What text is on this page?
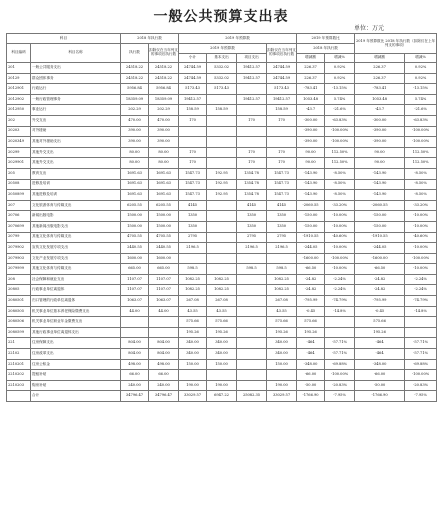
一般公共预算支出表
单位：万元
科目		2018 年执行数		2019 年预算数				2019 年预算数比		2019 年预算数比 2018 年执行数（扣除仅在上年列支的事项）	
科目编码	科目名称	执行数	扣除仅在当年列支的事项后执行数	2019 年预算数			扣除仅在当年列支的事项后执行数	2018 年执行数			
				小计	基本支出	项目支出		增减额	增减%	增减额	增减%
201	一般公共服务支出	24518.22	24518.22	24744.59	5332.02	19412.57	24744.59	226.37	0.92%	226.37	0.92%
20129	群众团体事务	24518.22	24518.22	24744.59	5332.02	19412.57	24744.59	226.37	0.92%	226.37	0.92%
2012901	行政运行	5956.84	5956.84	5173.43	5173.43		5173.43	-783.41	-13.15%	-783.41	-13.15%
2012902	一般行政管理事务	18359.09	18359.09	19412.57		19412.57	19412.57	1053.48	5.74%	1053.48	5.74%
2012950	事业运行	202.29	202.29	158.59	158.59		158.59	-43.7	-21.6%	-43.7	-21.6%
202	外交支出	470.00	470.00	170		170	170	-300.00	-63.83%	-300.00	-63.83%
20203	对外援助	390.00	390.00					-390.00	-100.00%	-390.00	-100.00%
2020349	其他对外援助支出	390.00	390.00					-390.00	-100.00%	-390.00	-100.00%
20299	其他外交支出	80.00	80.00	170		170	170	90.00	112.50%	90.00	112.50%
2029901	其他外交支出	80.00	80.00	170		170	170	90.00	112.50%	90.00	112.50%
205	教育支出	1691.63	1691.63	1547.73	192.95	1354.78	1547.73	-143.90	-8.50%	-143.90	-8.50%
20508	进修及培训	1691.63	1691.63	1547.73	192.95	1354.78	1547.73	-143.90	-8.50%	-143.90	-8.50%
2050899	其他进修及培训	1691.63	1691.63	1547.73	192.95	1354.78	1547.73	-143.90	-8.50%	-143.90	-8.50%
207	文化旅游体育与传媒支出	6205.55	6205.55	4145		4145	4145	-2060.55	-33.20%	-2060.55	-33.20%
20706	新闻出版电影	1500.00	1500.00	1350		1350	1350	-150.00	-10.00%	-150.00	-10.00%
2070699	其他新闻出版电影支出	1500.00	1500.00	1350		1350	1350	-150.00	-10.00%	-150.00	-10.00%
20799	其他文化体育与传媒支出	4705.55	4705.55	2795		2795	2795	-1910.55	-40.60%	-1910.55	-40.60%
2079902	宣传文化发展专项支出	2440.55	2440.55	2196.5		2196.5	2196.5	-244.05	-10.00%	-244.05	-10.00%
2079903	文化产业发展专项支出	1600.00	1600.00					-1600.00	-100.00%	-1600.00	-100.00%
2079999	其他文化体育与传媒支出	665.00	665.00	598.5		598.5	598.5	-66.50	-10.00%	-66.50	-10.00%
208	社会保障和就业支出	1107.07	1107.07	1082.25	1082.25		1082.25	-24.82	-2.24%	-24.82	-2.24%
20805	行政事业单位离退休	1107.07	1107.07	1082.25	1082.25		1082.25	-24.82	-2.24%	-24.82	-2.24%
2080501	归口管理的行政单位离退休	1063.07	1063.07	267.08	267.08		267.08	-795.99	-74.79%	-795.99	-74.79%
2080505	机关事业单位基本养老保险缴费支出	44.00	44.00	43.55	43.55		43.55	-0.45	-14.8%	-0.45	-14.8%
2080506	机关事业单位职业年金缴费支出			575.66	575.66		575.66	575.66		575.66	
2080599	其他行政事业单位离退休支出			195.26	195.26		195.26	195.26		195.26	
221	住房保障支出	804.00	804.00	340.00	340.00		340.00	-464	-57.71%	-464	-57.71%
22102	住房改革支出	804.00	804.00	340.00	340.00		340.00	-464	-57.71%	-464	-57.71%
2210201	住房公积金	498.00	498.00	150.00	150.00		150.00	-348.00	-69.88%	-348.00	-69.88%
2210202	提租补贴	66.00	66.00					-66.00	-100.00%	-66.00	-100.00%
2210203	购房补贴	240.00	240.00	190.00	190.00		190.00	-50.00	-20.83%	-50.00	-20.83%
	合计	34796.47	34796.47	33029.57	6947.22	25082.35	33029.57	-1766.90	-7.95%	-1766.90	-7.95%
